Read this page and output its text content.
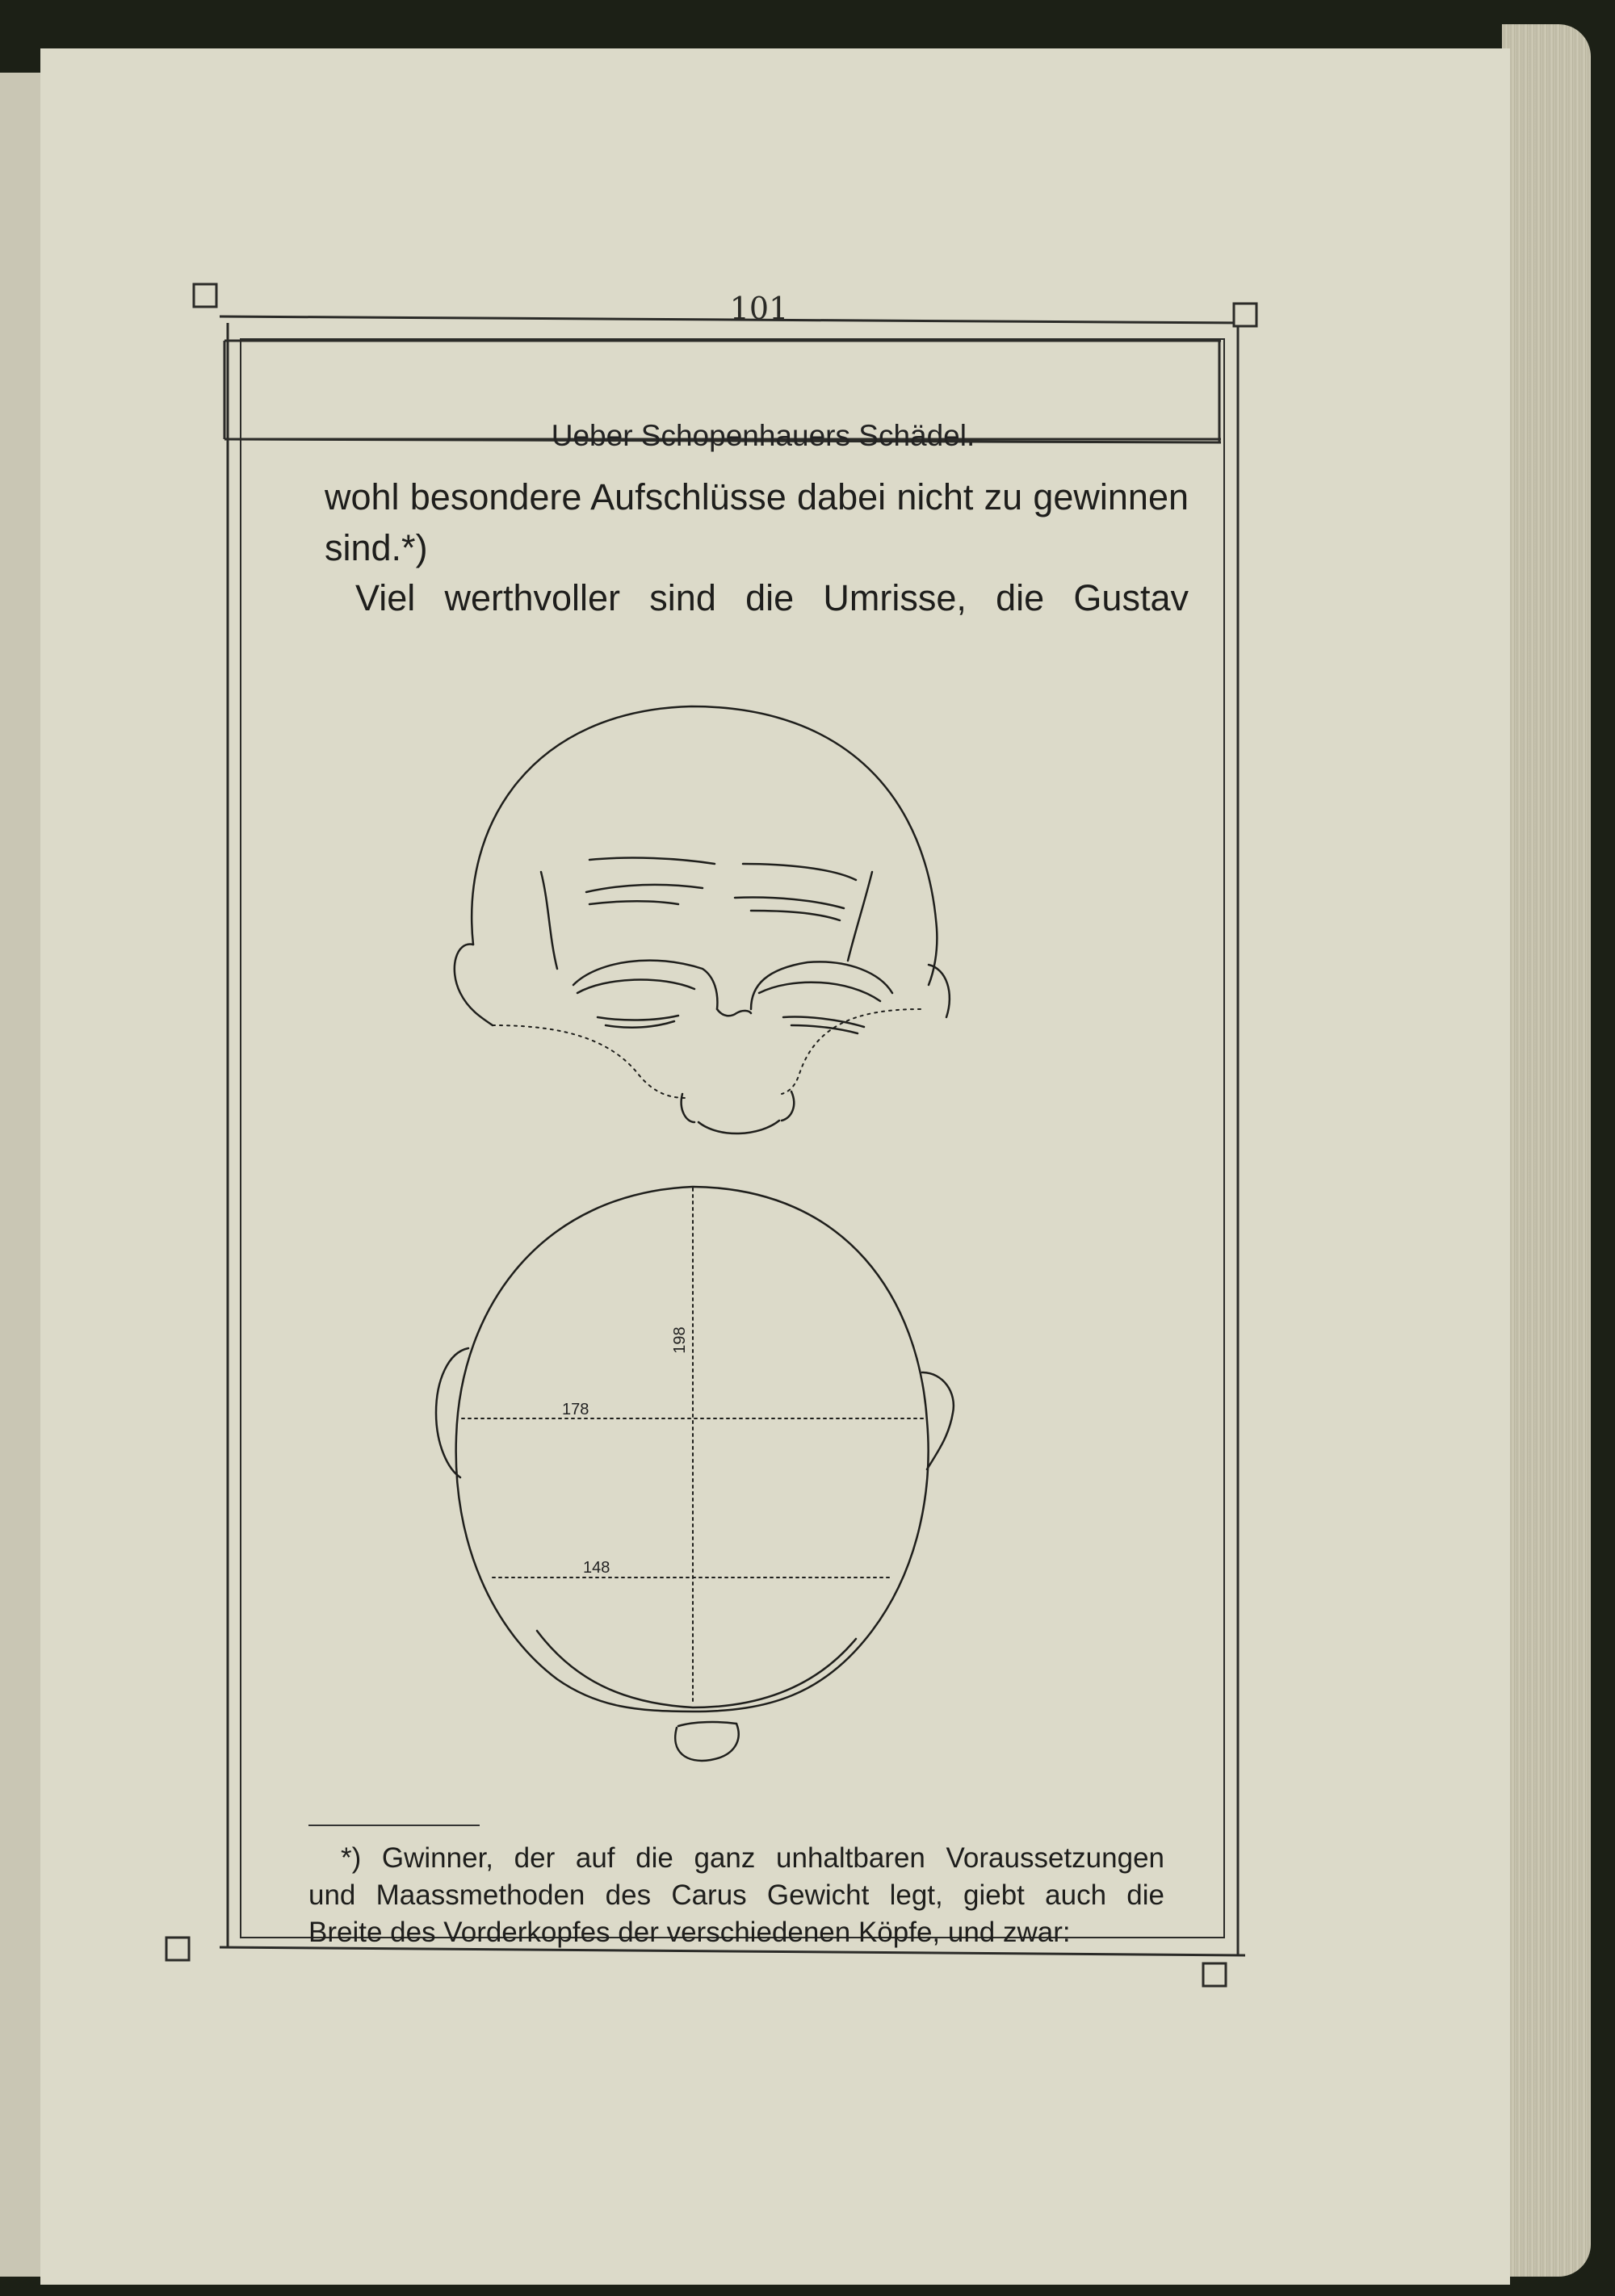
101
Ueber Schopenhauers Schädel.
wohl besondere Aufschlüsse dabei nicht zu gewinnen
sind.*)
Viel werthvoller sind die Umrisse, die Gustav
198
178
148
*) Gwinner, der auf die ganz unhaltbaren Voraussetzungen
und Maassmethoden des Carus Gewicht legt, giebt auch die
Breite des Vorderkopfes der verschiedenen Köpfe, und zwar:
